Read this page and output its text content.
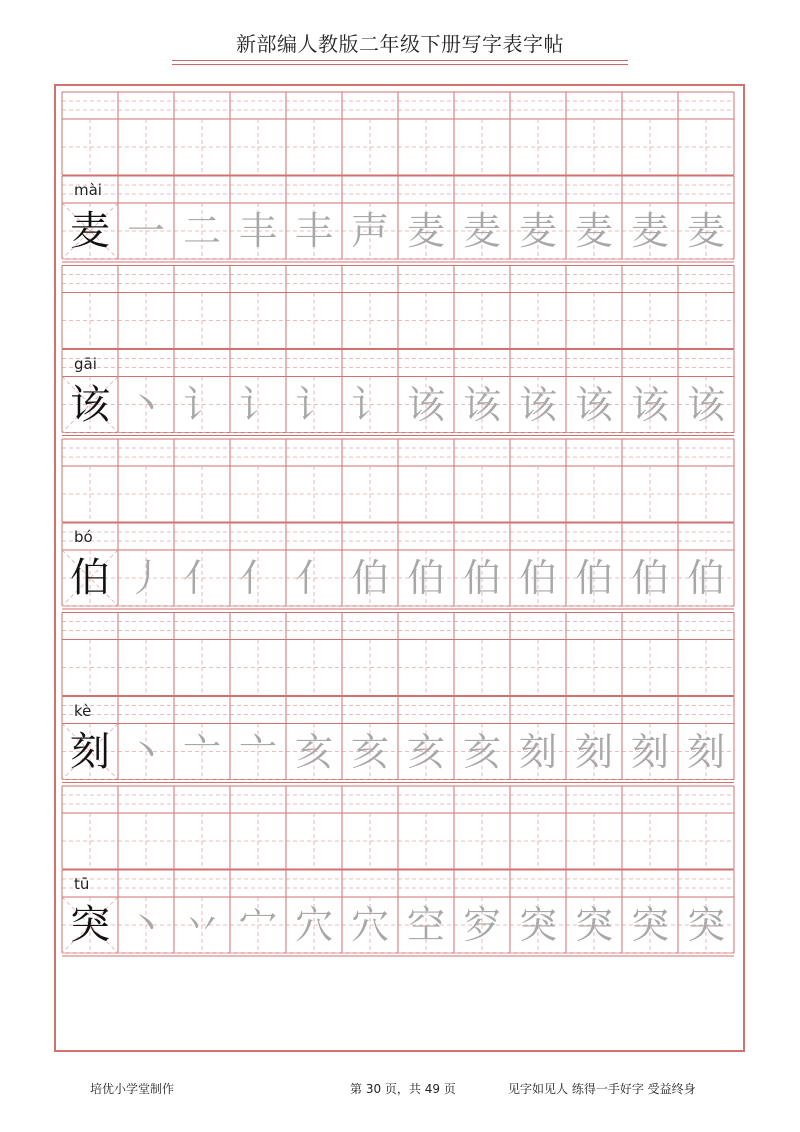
新部编人教版二年级下册写字表字帖
mài
麦 一 二 丰 丰 声 麦 麦 麦 麦 麦 麦
gāi
该 丶 讠 讠 讠 讠 该 该 该 该 该 该
bó
伯 丿 亻 亻 亻 伯 伯 伯 伯 伯 伯 伯
kè
刻 丶 亠 亠 亥 亥 亥 亥 刻 刻 刻 刻
tū
突 丶 丷 宀 穴 穴 空 穸 突 突 突 突
培优小学堂制作	第 30 页，共 49 页	见字如见人 练得一手好字 受益终身
